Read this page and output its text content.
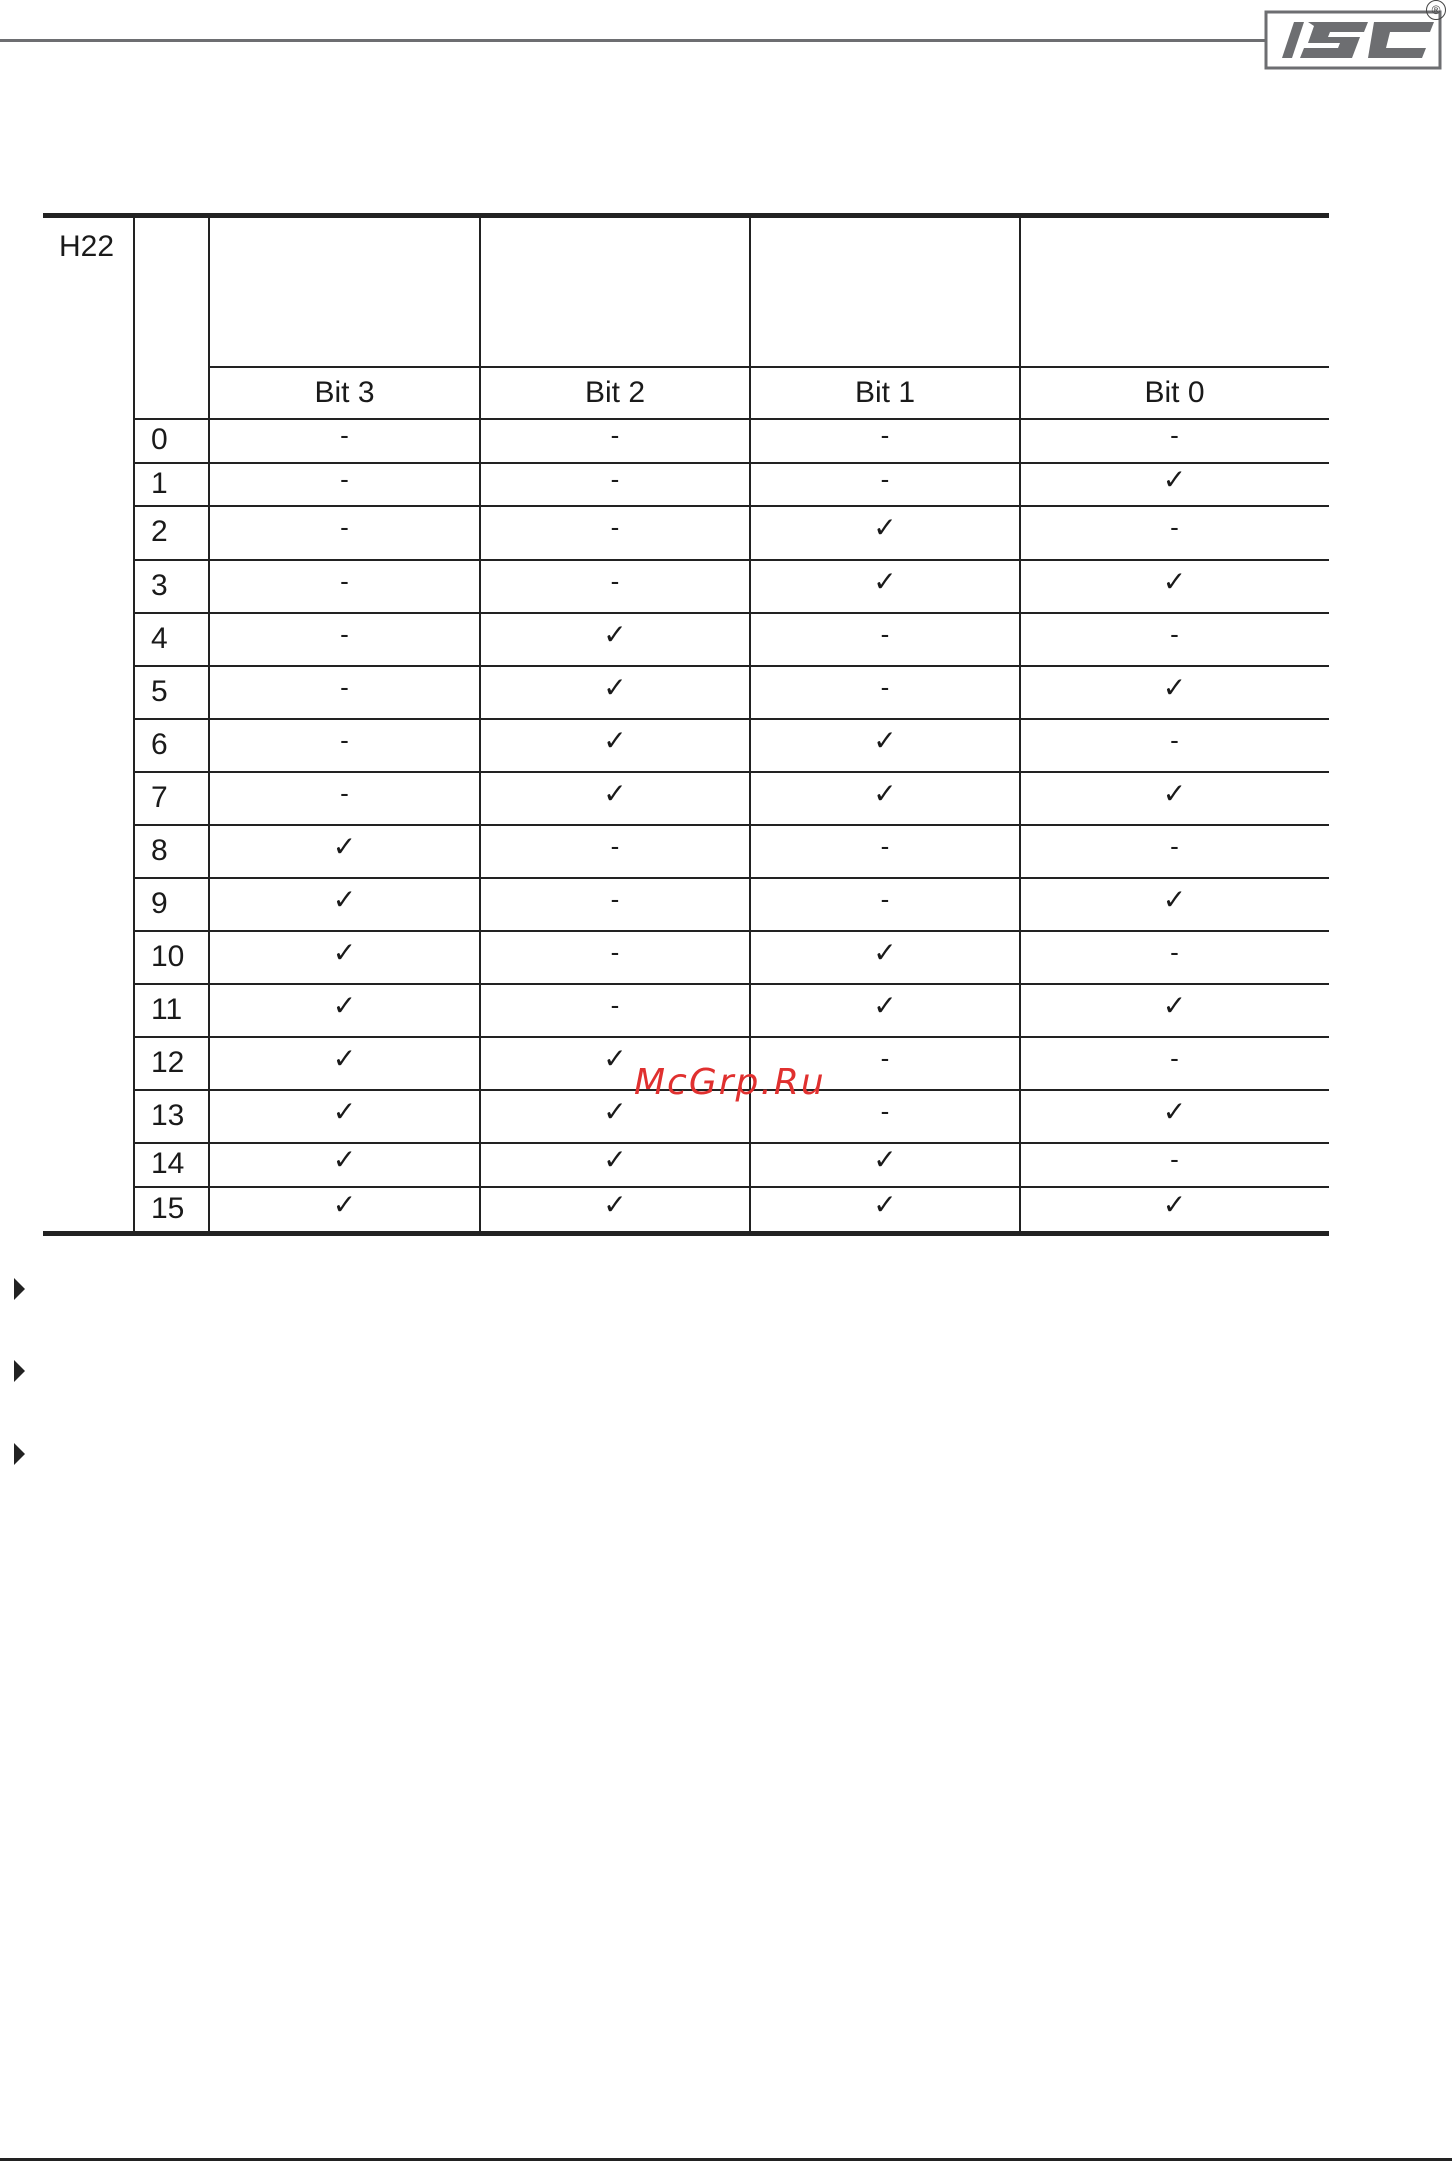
®
H22
Bit 3	Bit 2	Bit 1	Bit 0
0	-	-	-	-
1	-	-	-	✓
2	-	-	✓	-
3	-	-	✓	✓
4	-	✓	-	-
5	-	✓	-	✓
6	-	✓	✓	-
7	-	✓	✓	✓
8	✓	-	-	-
9	✓	-	-	✓
10	✓	-	✓	-
11	✓	-	✓	✓
12	✓	✓	-	-
13	✓	✓	-	✓
14	✓	✓	✓	-
15	✓	✓	✓	✓
McGrp.Ru
